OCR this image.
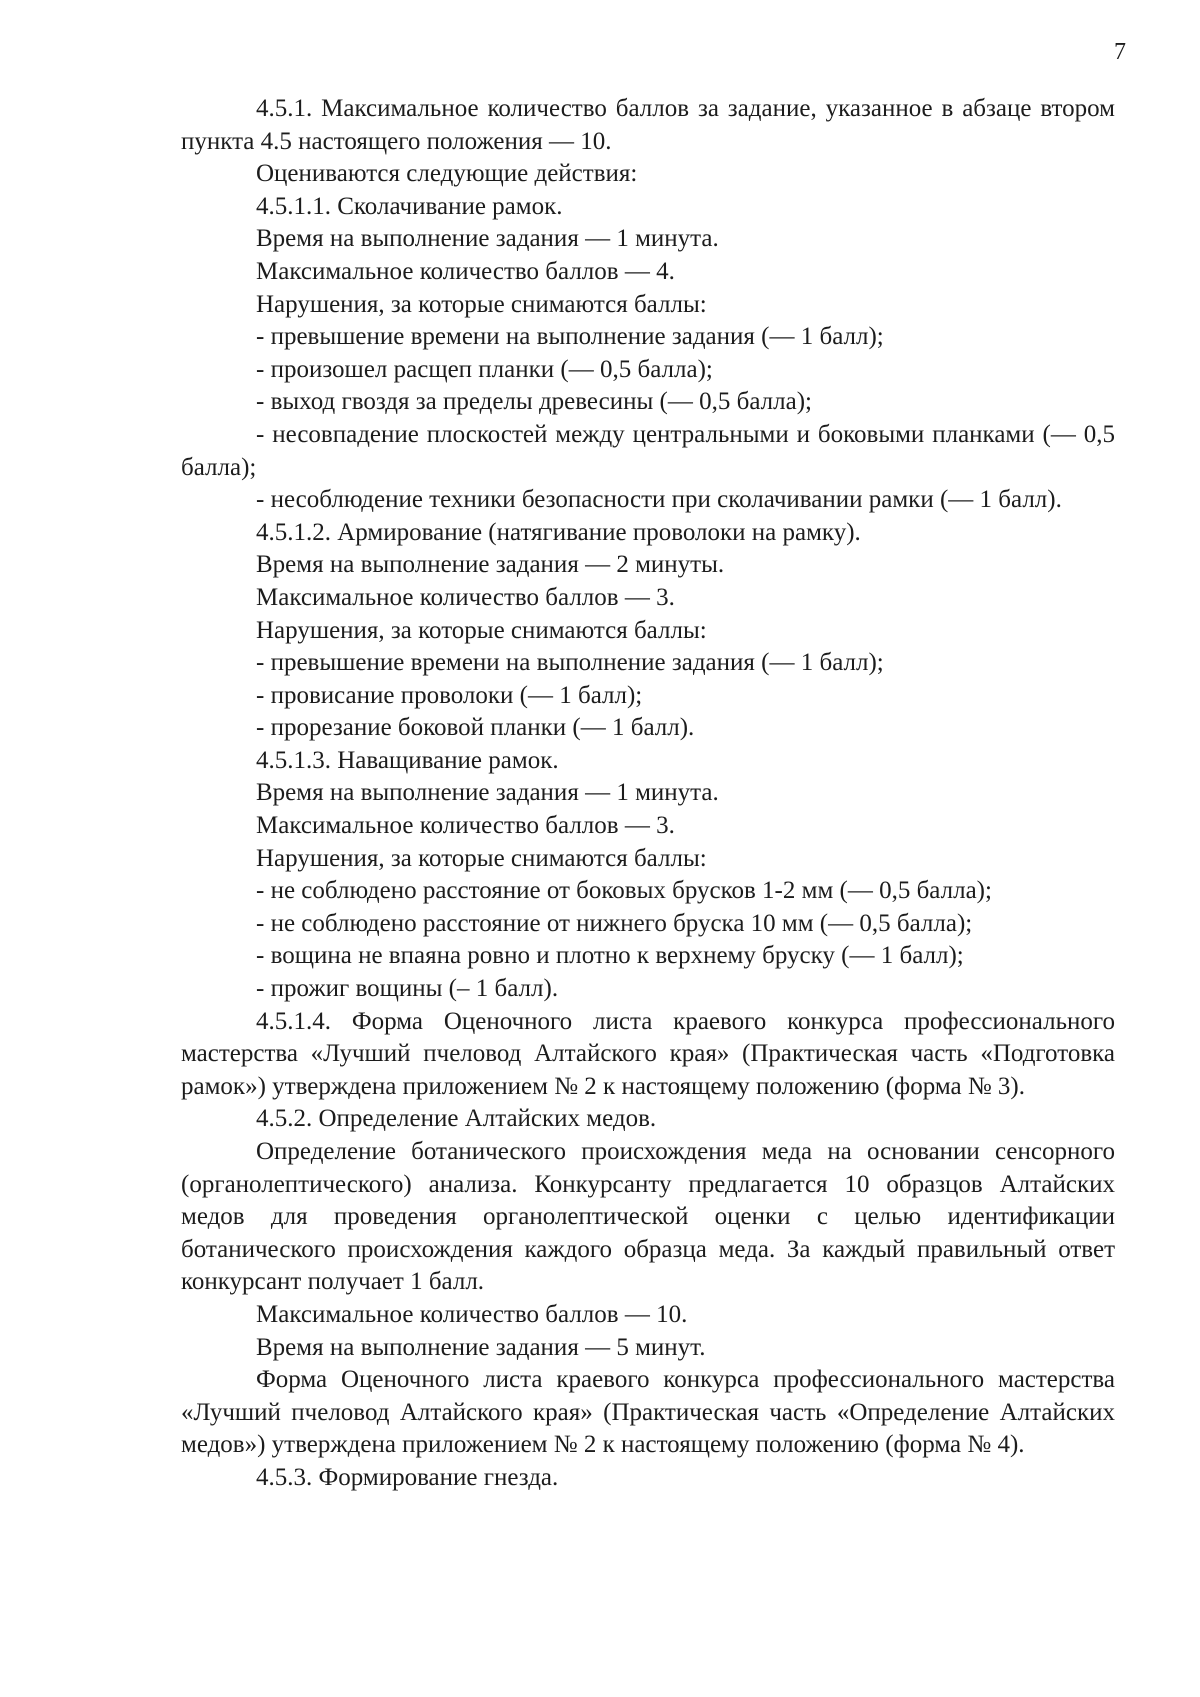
7

4.5.1. Максимальное количество баллов за задание, указанное в абзаце втором пункта 4.5 настоящего положения — 10.

Оцениваются следующие действия:

4.5.1.1. Сколачивание рамок.

Время на выполнение задания — 1 минута.

Максимальное количество баллов — 4.

Нарушения, за которые снимаются баллы:

- превышение времени на выполнение задания (— 1 балл);

- произошел расщеп планки (— 0,5 балла);

- выход гвоздя за пределы древесины (— 0,5 балла);

- несовпадение плоскостей между центральными и боковыми планками (— 0,5 балла);

- несоблюдение техники безопасности при сколачивании рамки (— 1 балл).

4.5.1.2. Армирование (натягивание проволоки на рамку).

Время на выполнение задания — 2 минуты.

Максимальное количество баллов — 3.

Нарушения, за которые снимаются баллы:

- превышение времени на выполнение задания (— 1 балл);

- провисание проволоки (— 1 балл);

- прорезание боковой планки (— 1 балл).

4.5.1.3. Наващивание рамок.

Время на выполнение задания — 1 минута.

Максимальное количество баллов — 3.

Нарушения, за которые снимаются баллы:

- не соблюдено расстояние от боковых брусков 1-2 мм (— 0,5 балла);

- не соблюдено расстояние от нижнего бруска 10 мм (— 0,5 балла);

- вощина не впаяна ровно и плотно к верхнему бруску (— 1 балл);

- прожиг вощины (– 1 балл).

4.5.1.4. Форма Оценочного листа краевого конкурса профессионального мастерства «Лучший пчеловод Алтайского края» (Практическая часть «Подготовка рамок») утверждена приложением № 2 к настоящему положению (форма № 3).

4.5.2. Определение Алтайских медов.

Определение ботанического происхождения меда на основании сенсорного (органолептического) анализа. Конкурсанту предлагается 10 образцов Алтайских медов для проведения органолептической оценки с целью идентификации ботанического происхождения каждого образца меда. За каждый правильный ответ конкурсант получает 1 балл.

Максимальное количество баллов — 10.

Время на выполнение задания — 5 минут.

Форма Оценочного листа краевого конкурса профессионального мастерства «Лучший пчеловод Алтайского края» (Практическая часть «Определение Алтайских медов») утверждена приложением № 2 к настоящему положению (форма № 4).

4.5.3. Формирование гнезда.
